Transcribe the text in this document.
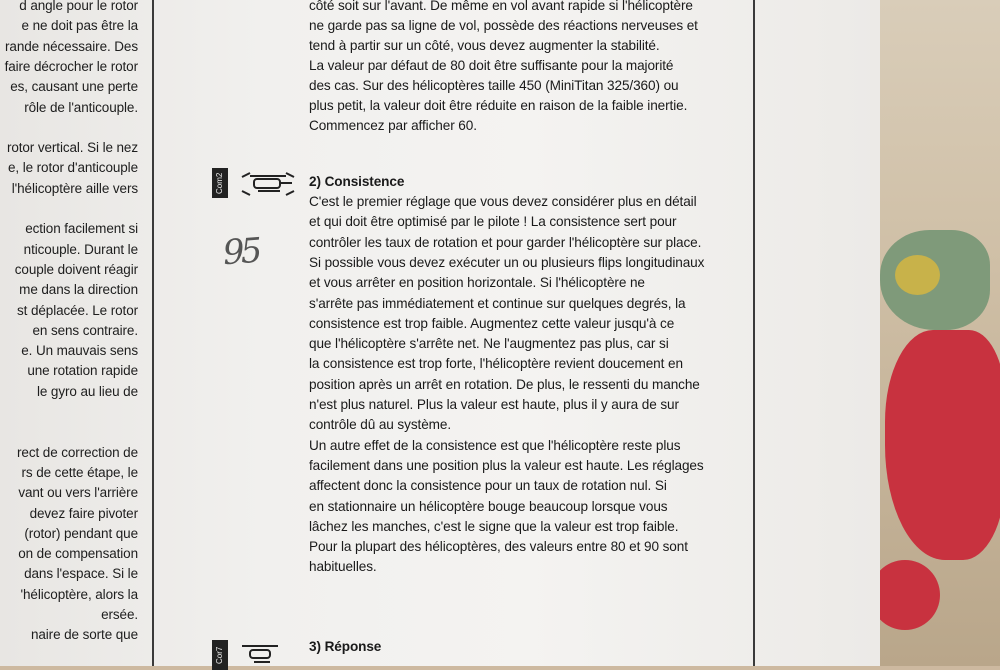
d angle pour le rotor
e ne doit pas être la
rande nécessaire. Des
faire décrocher le rotor
es, causant une perte
rôle de l'anticouple.
rotor vertical. Si le nez
e, le rotor d'anticouple
l'hélicoptère aille vers
ection facilement si
nticouple. Durant le
couple doivent réagir
me dans la direction
st déplacée. Le rotor
en sens contraire.
e. Un mauvais sens
une rotation rapide
le gyro au lieu de
rect de correction de
rs de cette étape, le
vant ou vers l'arrière
devez faire pivoter
(rotor) pendant que
on de compensation
dans l'espace. Si le
'hélicoptère, alors la
ersée.
naire de sorte que
côté soit sur l'avant. De même en vol avant rapide si l'hélicoptère
ne garde pas sa ligne de vol, possède des réactions nerveuses et
tend à partir sur un côté, vous devez augmenter la stabilité.
La valeur par défaut de 80 doit être suffisante pour la majorité
des cas. Sur des hélicoptères taille 450 (MiniTitan 325/360) ou
plus petit, la valeur doit être réduite en raison de la faible inertie.
Commencez par afficher 60.
Com2	2) Consistence
C'est le premier réglage que vous devez considérer plus en détail
et qui doit être optimisé par le pilote ! La consistence sert pour
contrôler les taux de rotation et pour garder l'hélicoptère sur place.
Si possible vous devez exécuter un ou plusieurs flips longitudinaux
et vous arrêter en position horizontale. Si l'hélicoptère ne
s'arrête pas immédiatement et continue sur quelques degrés, la
consistence est trop faible. Augmentez cette valeur jusqu'à ce
que l'hélicoptère s'arrête net. Ne l'augmentez pas plus, car si
la consistence est trop forte, l'hélicoptère revient doucement en
position après un arrêt en rotation. De plus, le ressenti du manche
n'est plus naturel. Plus la valeur est haute, plus il y aura de sur
contrôle dû au système.
Un autre effet de la consistence est que l'hélicoptère reste plus
facilement dans une position plus la valeur est haute. Les réglages
affectent donc la consistence pour un taux de rotation nul. Si
en stationnaire un hélicoptère bouge beaucoup lorsque vous
lâchez les manches, c'est le signe que la valeur est trop faible.
Pour la plupart des hélicoptères, des valeurs entre 80 et 90 sont
habituelles.
Cor7	3) Réponse
95
